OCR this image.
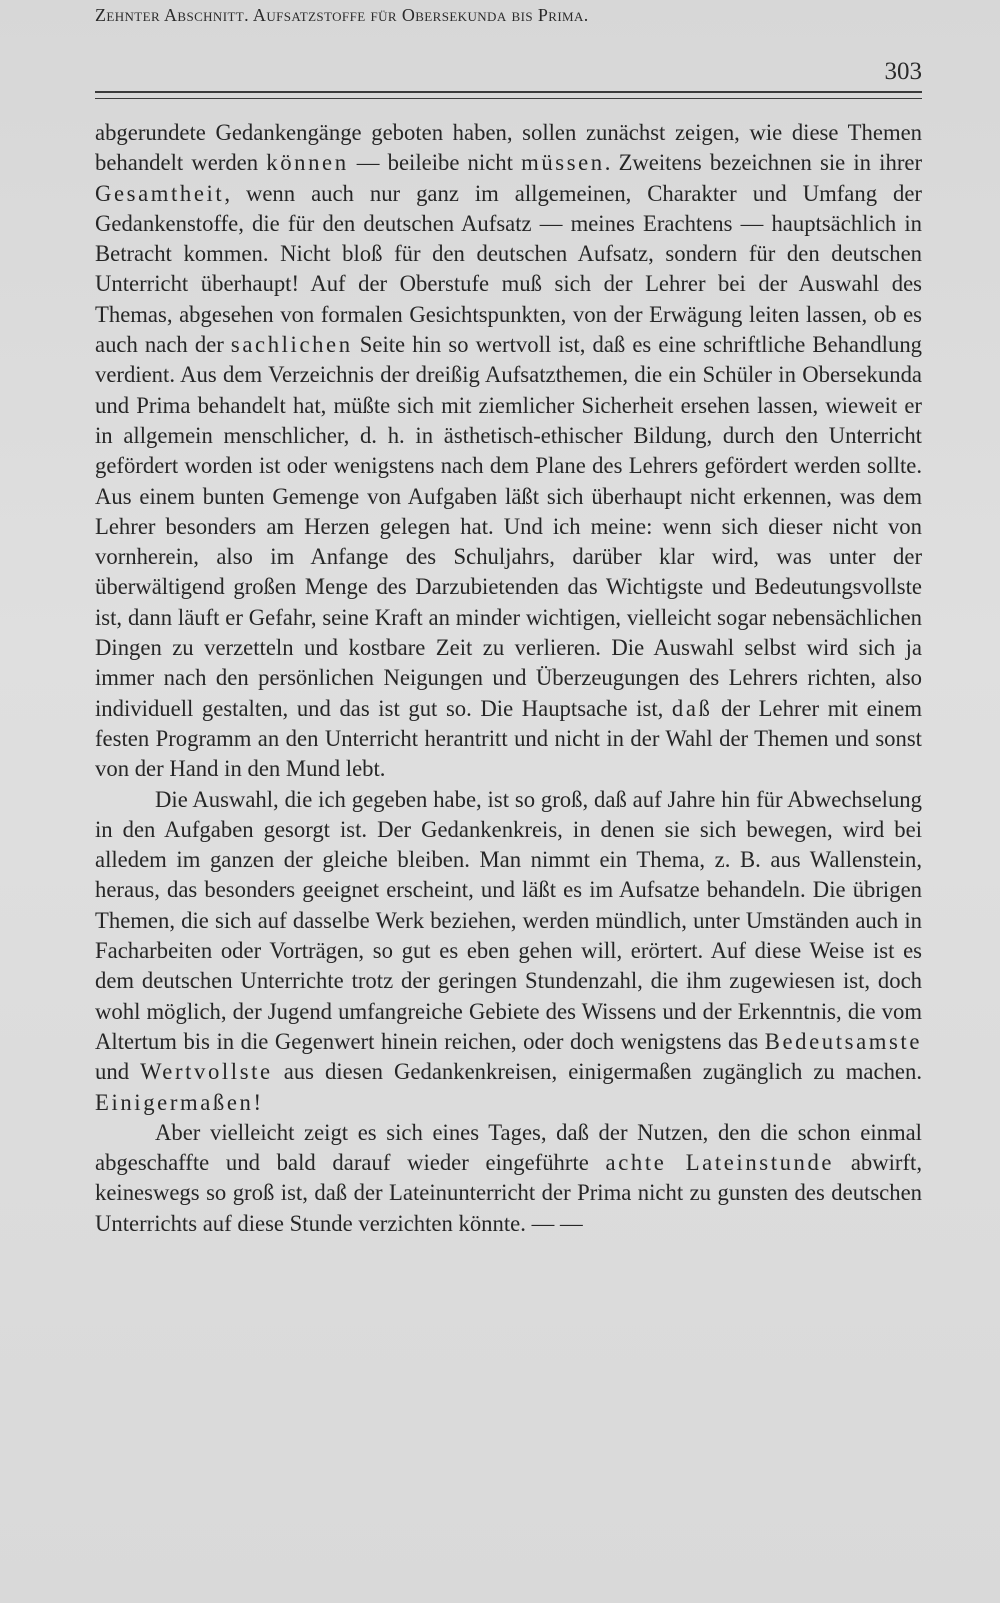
303
Zehnter Abschnitt. Aufsatzstoffe für Obersekunda bis Prima.

abgerundete Gedankengänge geboten haben, sollen zunächst zeigen, wie diese Themen behandelt werden können — beileibe nicht müssen. Zweitens bezeichnen sie in ihrer Gesamtheit, wenn auch nur ganz im allgemeinen, Charakter und Umfang der Gedankenstoffe, die für den deutschen Aufsatz — meines Erachtens — hauptsächlich in Betracht kommen. Nicht bloß für den deutschen Aufsatz, sondern für den deutschen Unterricht überhaupt! Auf der Oberstufe muß sich der Lehrer bei der Auswahl des Themas, abgesehen von formalen Gesichtspunkten, von der Erwägung leiten lassen, ob es auch nach der sachlichen Seite hin so wertvoll ist, daß es eine schriftliche Behandlung verdient. Aus dem Verzeichnis der dreißig Aufsatzthemen, die ein Schüler in Obersekunda und Prima behandelt hat, müßte sich mit ziemlicher Sicherheit ersehen lassen, wieweit er in allgemein menschlicher, d. h. in ästhetisch-ethischer Bildung, durch den Unterricht gefördert worden ist oder wenigstens nach dem Plane des Lehrers gefördert werden sollte. Aus einem bunten Gemenge von Aufgaben läßt sich überhaupt nicht erkennen, was dem Lehrer besonders am Herzen gelegen hat. Und ich meine: wenn sich dieser nicht von vornherein, also im Anfange des Schuljahrs, darüber klar wird, was unter der überwältigend großen Menge des Darzubietenden das Wichtigste und Bedeutungsvollste ist, dann läuft er Gefahr, seine Kraft an minder wichtigen, vielleicht sogar nebensächlichen Dingen zu verzetteln und kostbare Zeit zu verlieren. Die Auswahl selbst wird sich ja immer nach den persönlichen Neigungen und Überzeugungen des Lehrers richten, also individuell gestalten, und das ist gut so. Die Hauptsache ist, daß der Lehrer mit einem festen Programm an den Unterricht herantritt und nicht in der Wahl der Themen und sonst von der Hand in den Mund lebt.

Die Auswahl, die ich gegeben habe, ist so groß, daß auf Jahre hin für Abwechselung in den Aufgaben gesorgt ist. Der Gedankenkreis, in denen sie sich bewegen, wird bei alledem im ganzen der gleiche bleiben. Man nimmt ein Thema, z. B. aus Wallenstein, heraus, das besonders geeignet erscheint, und läßt es im Aufsatze behandeln. Die übrigen Themen, die sich auf dasselbe Werk beziehen, werden mündlich, unter Umständen auch in Facharbeiten oder Vorträgen, so gut es eben gehen will, erörtert. Auf diese Weise ist es dem deutschen Unterrichte trotz der geringen Stundenzahl, die ihm zugewiesen ist, doch wohl möglich, der Jugend umfangreiche Gebiete des Wissens und der Erkenntnis, die vom Altertum bis in die Gegenwert hinein reichen, oder doch wenigstens das Bedeutsamste und Wertvollste aus diesen Gedankenkreisen, einigermaßen zugänglich zu machen. Einigermaßen!

Aber vielleicht zeigt es sich eines Tages, daß der Nutzen, den die schon einmal abgeschaffte und bald darauf wieder eingeführte achte Lateinstunde abwirft, keineswegs so groß ist, daß der Lateinunterricht der Prima nicht zu gunsten des deutschen Unterrichts auf diese Stunde verzichten könnte. — —
